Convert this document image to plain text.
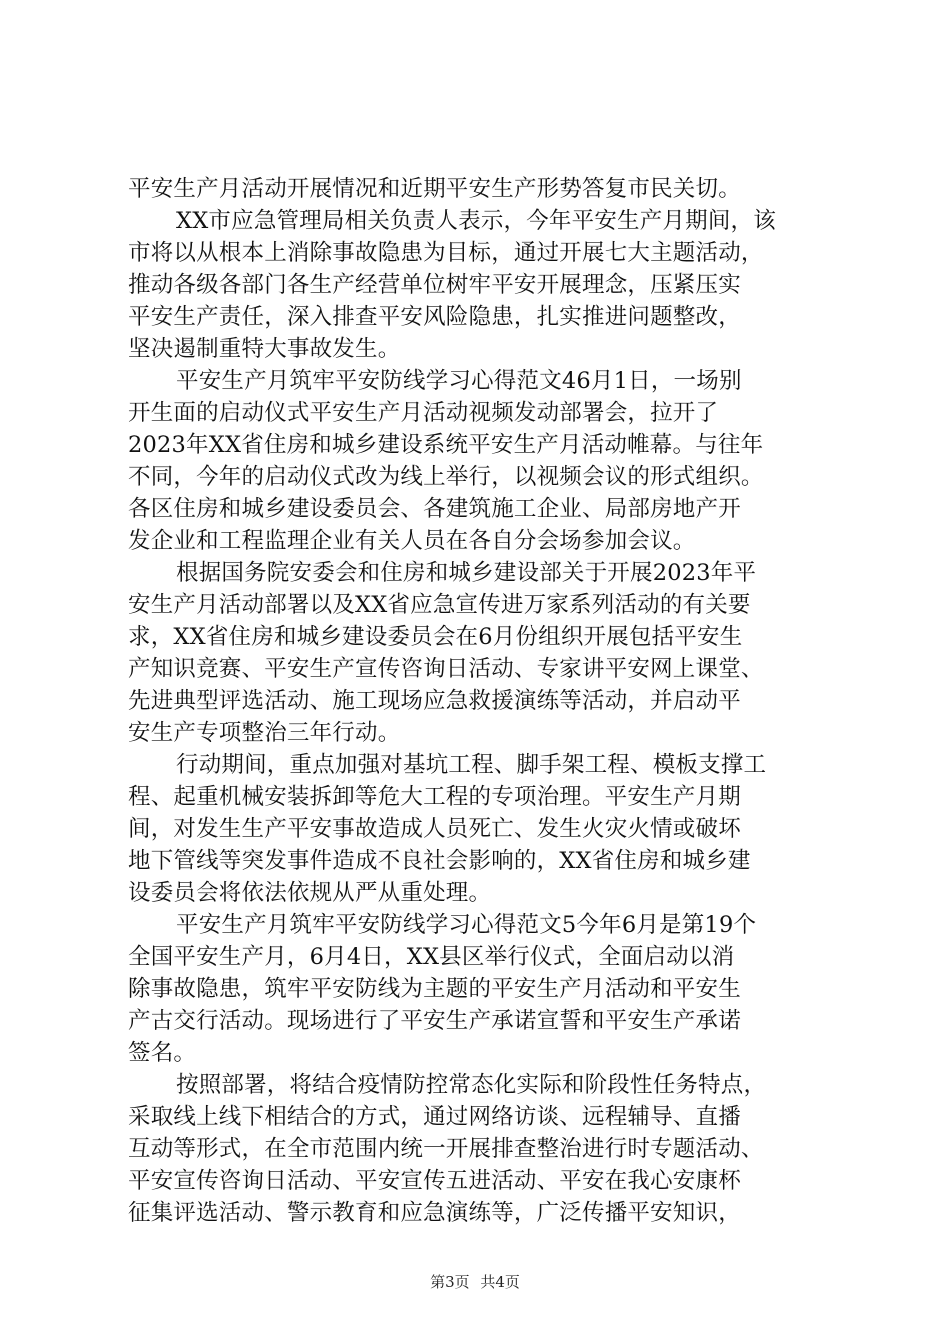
平安生产月活动开展情况和近期平安生产形势答复市民关切。
XX市应急管理局相关负责人表示，今年平安生产月期间，该
市将以从根本上消除事故隐患为目标，通过开展七大主题活动，
推动各级各部门各生产经营单位树牢平安开展理念，压紧压实
平安生产责任，深入排查平安风险隐患，扎实推进问题整改，
坚决遏制重特大事故发生。
平安生产月筑牢平安防线学习心得范文46月1日，一场别
开生面的启动仪式平安生产月活动视频发动部署会，拉开了
2023年XX省住房和城乡建设系统平安生产月活动帷幕。与往年
不同，今年的启动仪式改为线上举行，以视频会议的形式组织。
各区住房和城乡建设委员会、各建筑施工企业、局部房地产开
发企业和工程监理企业有关人员在各自分会场参加会议。
根据国务院安委会和住房和城乡建设部关于开展2023年平
安生产月活动部署以及XX省应急宣传进万家系列活动的有关要
求，XX省住房和城乡建设委员会在6月份组织开展包括平安生
产知识竞赛、平安生产宣传咨询日活动、专家讲平安网上课堂、
先进典型评选活动、施工现场应急救援演练等活动，并启动平
安生产专项整治三年行动。
行动期间，重点加强对基坑工程、脚手架工程、模板支撑工
程、起重机械安装拆卸等危大工程的专项治理。平安生产月期
间，对发生生产平安事故造成人员死亡、发生火灾火情或破坏
地下管线等突发事件造成不良社会影响的，XX省住房和城乡建
设委员会将依法依规从严从重处理。
平安生产月筑牢平安防线学习心得范文5今年6月是第19个
全国平安生产月，6月4日，XX县区举行仪式，全面启动以消
除事故隐患，筑牢平安防线为主题的平安生产月活动和平安生
产古交行活动。现场进行了平安生产承诺宣誓和平安生产承诺
签名。
按照部署，将结合疫情防控常态化实际和阶段性任务特点，
采取线上线下相结合的方式，通过网络访谈、远程辅导、直播
互动等形式，在全市范围内统一开展排查整治进行时专题活动、
平安宣传咨询日活动、平安宣传五进活动、平安在我心安康杯
征集评选活动、警示教育和应急演练等，广泛传播平安知识，
第3页 共4页
